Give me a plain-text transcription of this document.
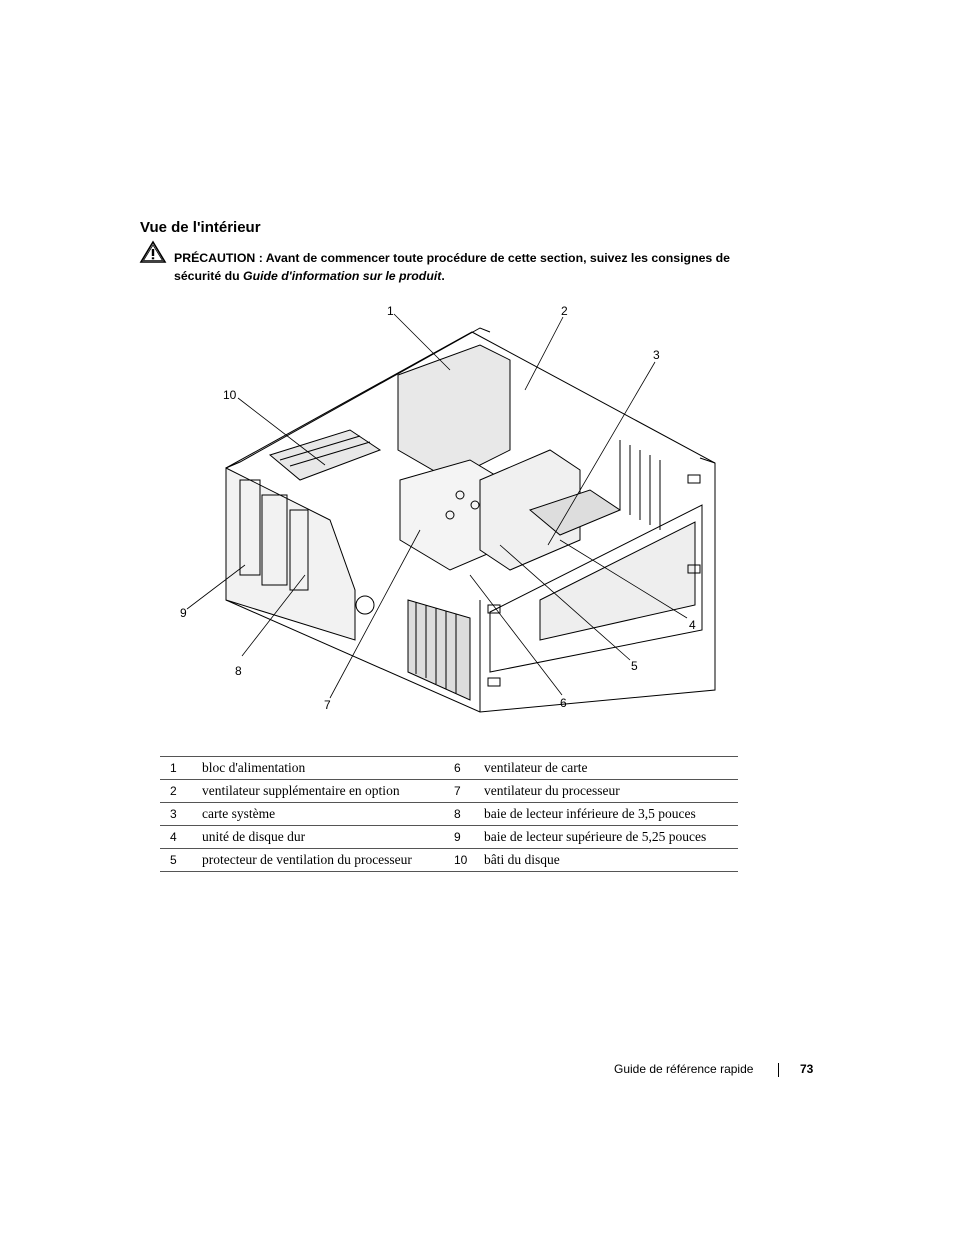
Vue de l'intérieur
PRÉCAUTION : Avant de commencer toute procédure de cette section, suivez les consignes de sécurité du Guide d'information sur le produit.
1	2
3
4
5
6
7
8
9
10
1	bloc d'alimentation	6	ventilateur de carte
2	ventilateur supplémentaire en option	7	ventilateur du processeur
3	carte système	8	baie de lecteur inférieure de 3,5 pouces
4	unité de disque dur	9	baie de lecteur supérieure de 5,25 pouces
5	protecteur de ventilation du processeur	10	bâti du disque
Guide de référence rapide	73
